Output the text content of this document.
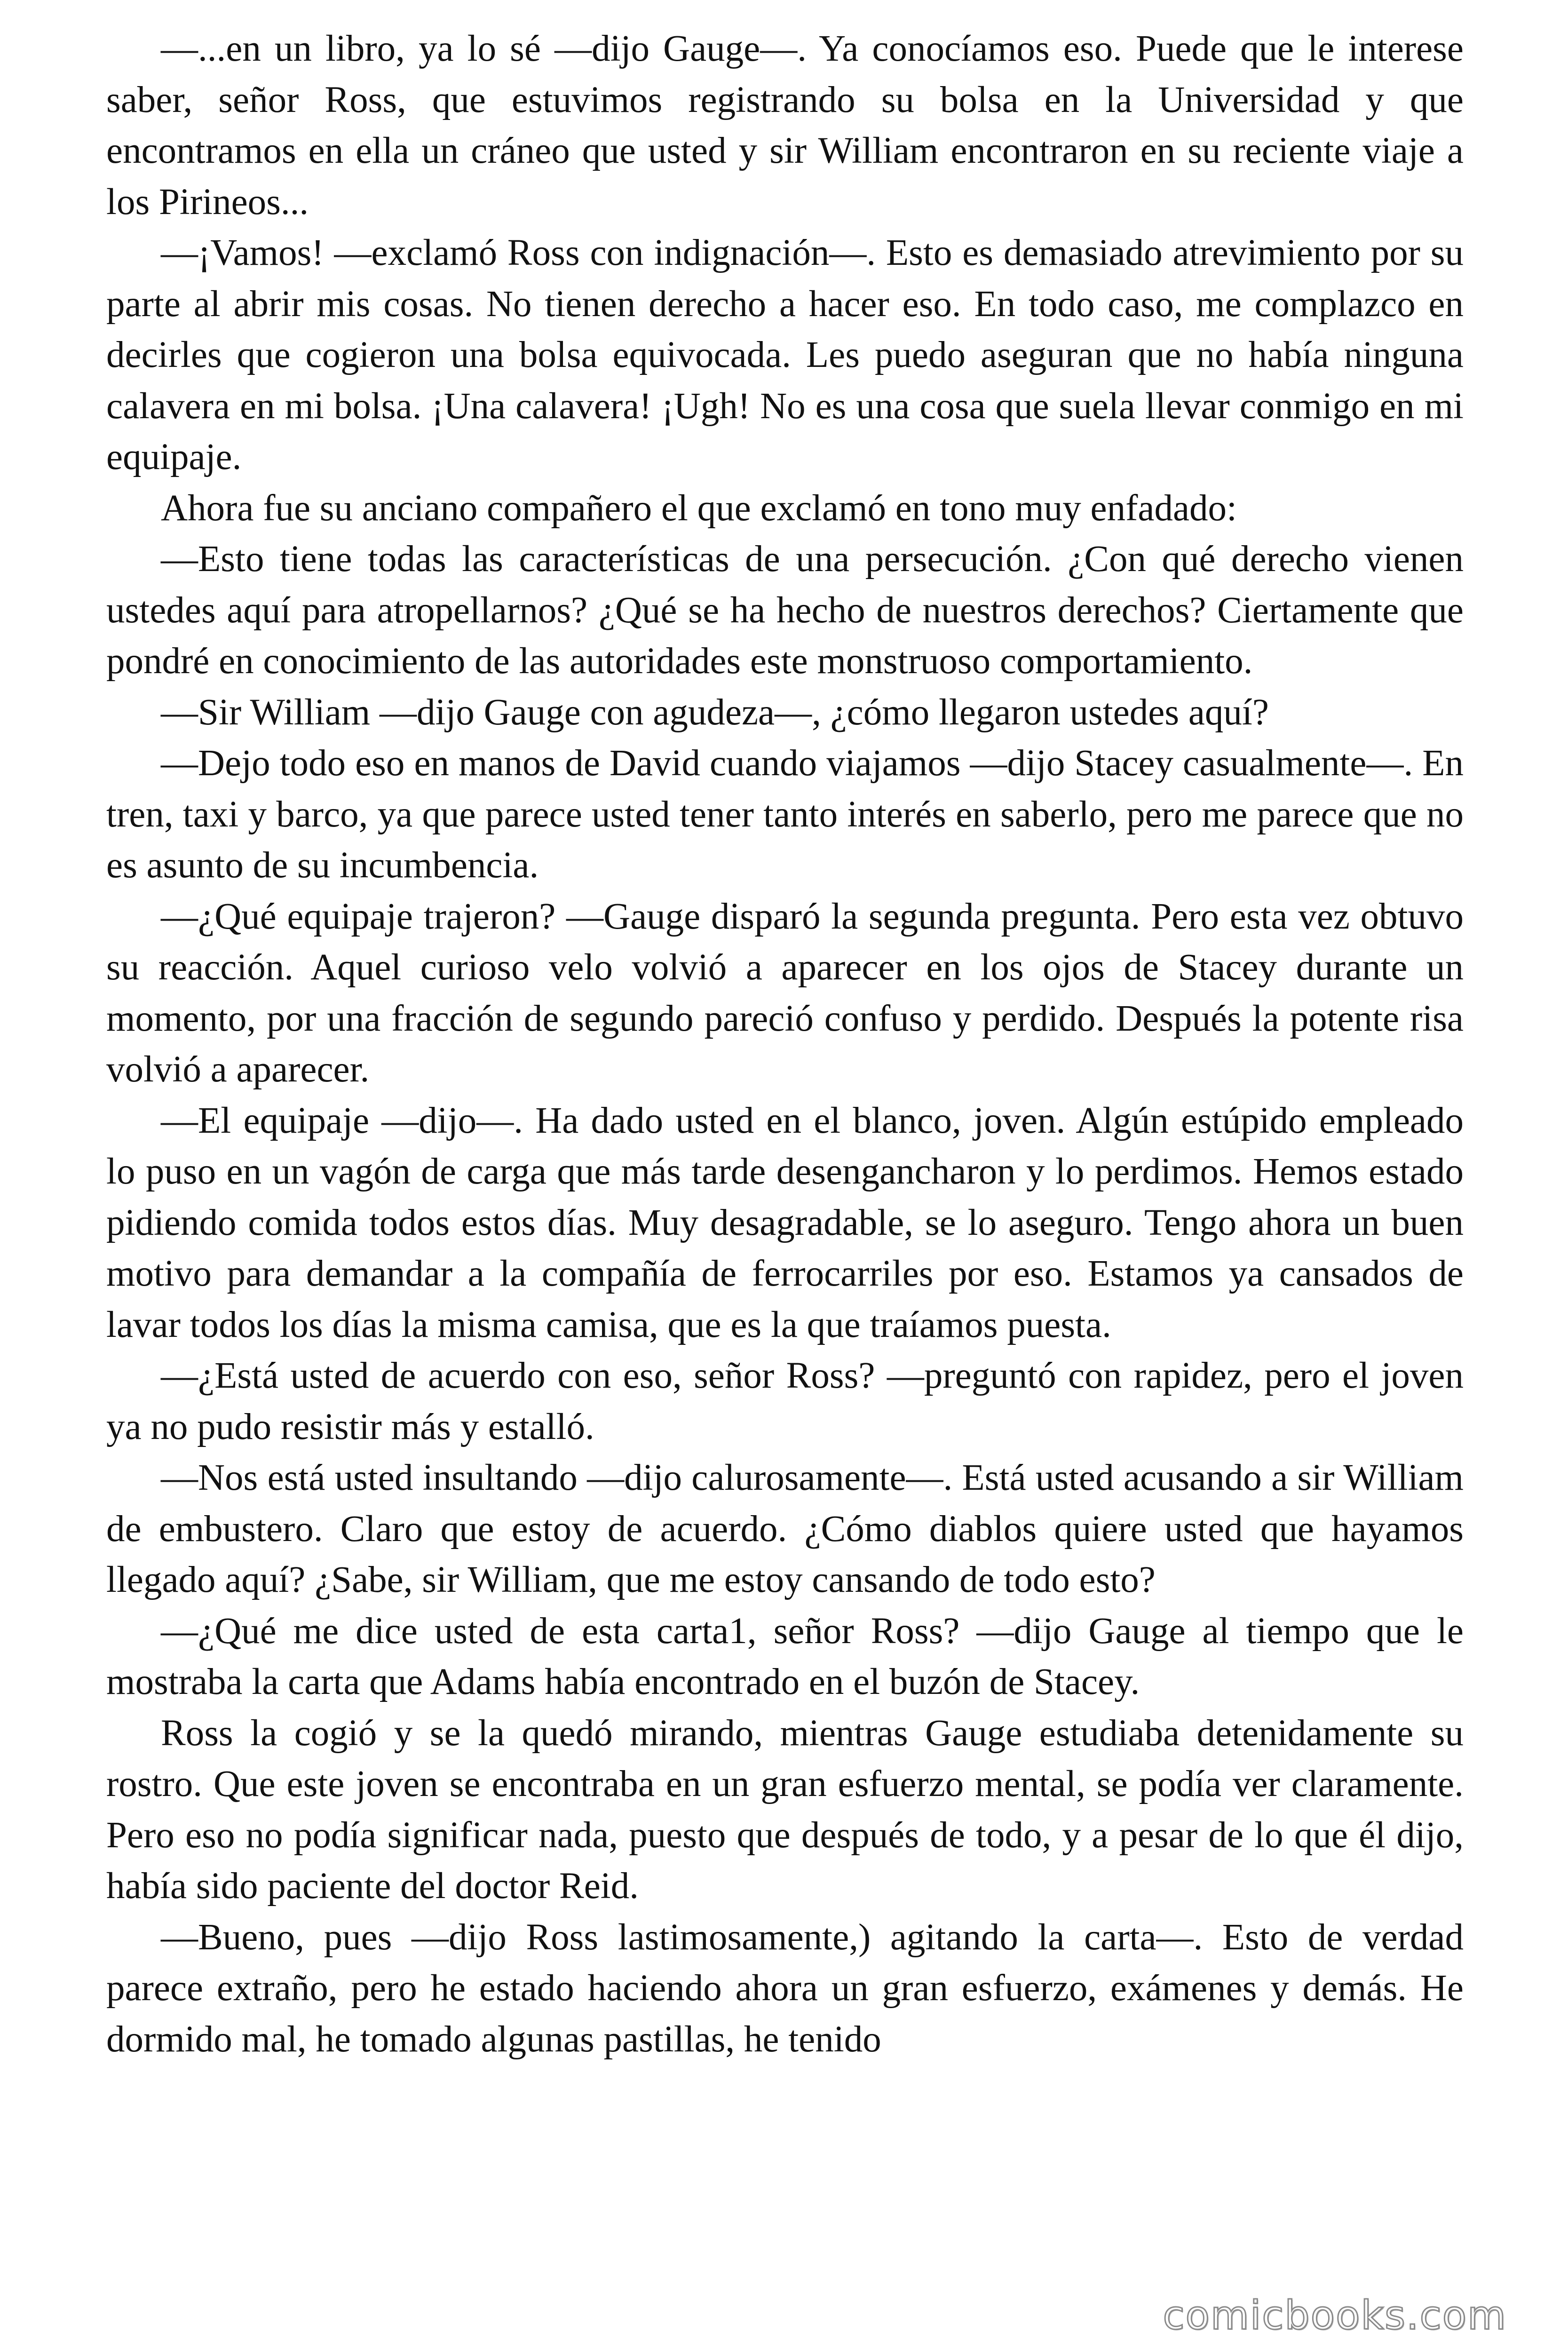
—...en un libro, ya lo sé —dijo Gauge—. Ya conocíamos eso. Puede que le interese saber, señor Ross, que estuvimos registrando su bolsa en la Universidad y que encontramos en ella un cráneo que usted y sir William encontraron en su reciente viaje a los Pirineos...

—¡Vamos! —exclamó Ross con indignación—. Esto es demasiado atrevimiento por su parte al abrir mis cosas. No tienen derecho a hacer eso. En todo caso, me complazco en decirles que cogieron una bolsa equivocada. Les puedo aseguran que no había ninguna calavera en mi bolsa. ¡Una calavera! ¡Ugh! No es una cosa que suela llevar conmigo en mi equipaje.

Ahora fue su anciano compañero el que exclamó en tono muy enfadado:

—Esto tiene todas las características de una persecución. ¿Con qué derecho vienen ustedes aquí para atropellarnos? ¿Qué se ha hecho de nuestros derechos? Ciertamente que pondré en conocimiento de las autoridades este monstruoso comportamiento.

—Sir William —dijo Gauge con agudeza—, ¿cómo llegaron ustedes aquí?

—Dejo todo eso en manos de David cuando viajamos —dijo Stacey casualmente—. En tren, taxi y barco, ya que parece usted tener tanto interés en saberlo, pero me parece que no es asunto de su incumbencia.

—¿Qué equipaje trajeron? —Gauge disparó la segunda pregunta. Pero esta vez obtuvo su reacción. Aquel curioso velo volvió a aparecer en los ojos de Stacey durante un momento, por una fracción de segundo pareció confuso y perdido. Después la potente risa volvió a aparecer.

—El equipaje —dijo—. Ha dado usted en el blanco, joven. Algún estúpido empleado lo puso en un vagón de carga que más tarde desengancharon y lo perdimos. Hemos estado pidiendo comida todos estos días. Muy desagradable, se lo aseguro. Tengo ahora un buen motivo para demandar a la compañía de ferrocarriles por eso. Estamos ya cansados de lavar todos los días la misma camisa, que es la que traíamos puesta.

—¿Está usted de acuerdo con eso, señor Ross? —preguntó con rapidez, pero el joven ya no pudo resistir más y estalló.

—Nos está usted insultando —dijo calurosamente—. Está usted acusando a sir William de embustero. Claro que estoy de acuerdo. ¿Cómo diablos quiere usted que hayamos llegado aquí? ¿Sabe, sir William, que me estoy cansando de todo esto?

—¿Qué me dice usted de esta carta1, señor Ross? —dijo Gauge al tiempo que le mostraba la carta que Adams había encontrado en el buzón de Stacey.

Ross la cogió y se la quedó mirando, mientras Gauge estudiaba detenidamente su rostro. Que este joven se encontraba en un gran esfuerzo mental, se podía ver claramente. Pero eso no podía significar nada, puesto que después de todo, y a pesar de lo que él dijo, había sido paciente del doctor Reid.

—Bueno, pues —dijo Ross lastimosamente,) agitando la carta—. Esto de verdad parece extraño, pero he estado haciendo ahora un gran esfuerzo, exámenes y demás. He dormido mal, he tomado algunas pastillas, he tenido

comicbooks.com
